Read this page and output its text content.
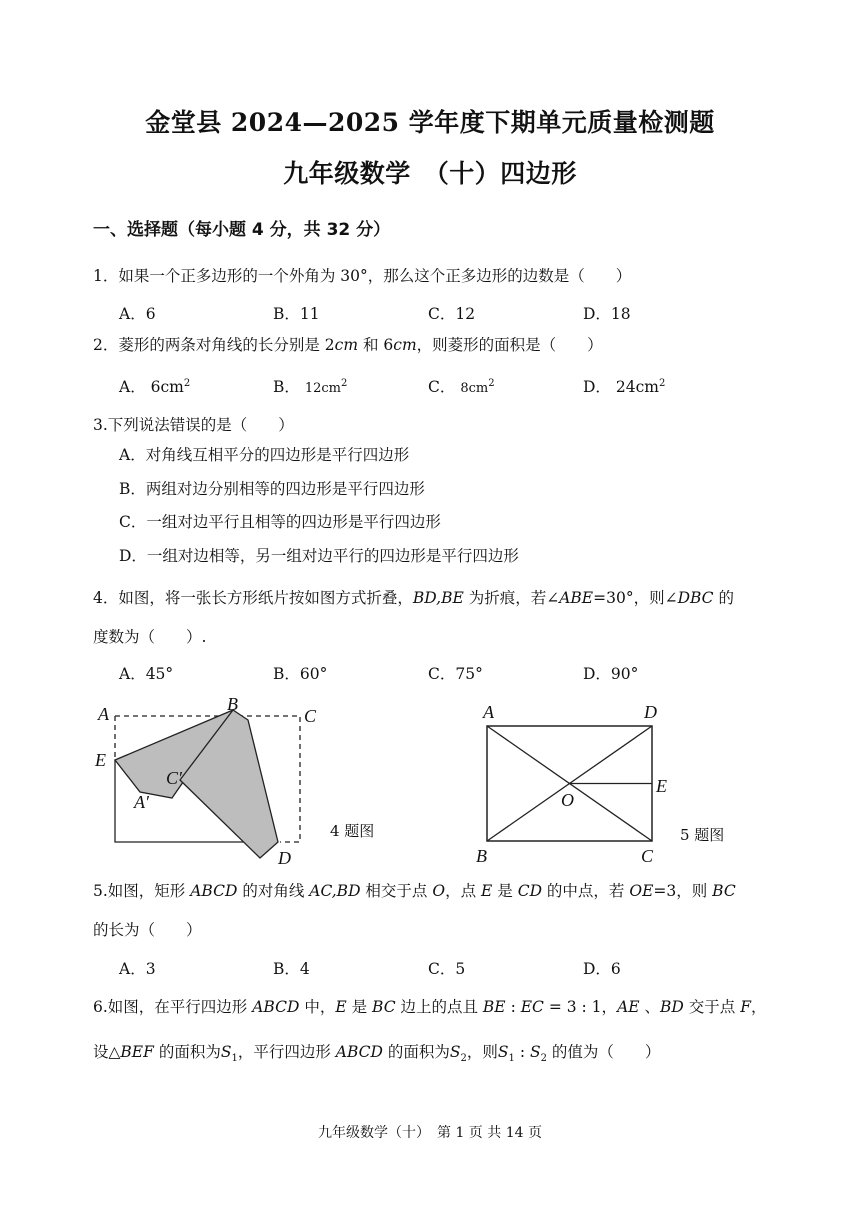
金堂县 2024—2025 学年度下期单元质量检测题
九年级数学　（十）四边形
一、选择题（每小题 4 分，共 32 分）
1．如果一个正多边形的一个外角为 30°，那么这个正多边形的边数是（　　）
A．6	B．11	C．12	D．18
2．菱形的两条对角线的长分别是 2cm 和 6cm，则菱形的面积是（　　）
A． $6cm^2$	B． $12cm^2$	C． $8cm^2$	D． $24cm^2$
3.下列说法错误的是（　　）
A．对角线互相平分的四边形是平行四边形
B．两组对边分别相等的四边形是平行四边形
C．一组对边平行且相等的四边形是平行四边形
D．一组对边相等，另一组对边平行的四边形是平行四边形
4．如图，将一张长方形纸片按如图方式折叠，BD,BE 为折痕，若∠ABE=30°，则∠DBC 的
度数为（　　）.
A．45°	B．60°	C．75°	D．90°
A	B
C
E
C′
A′
D
4 题图
A	D
B	C
O
E
5 题图
5.如图，矩形 ABCD 的对角线 AC,BD 相交于点 O，点 E 是 CD 的中点，若 OE=3，则 BC
的长为（　　）
A．3	B．4	C．5	D．6
6.如图，在平行四边形 ABCD 中，E 是 BC 边上的点且 BE : EC = 3 : 1，AE 、BD 交于点 F，
设△BEF 的面积为$S_1$，平行四边形 ABCD 的面积为$S_2$，则$S_1$ : $S_2$ 的值为（　　）
九年级数学（十）　第 1 页 共 14 页
